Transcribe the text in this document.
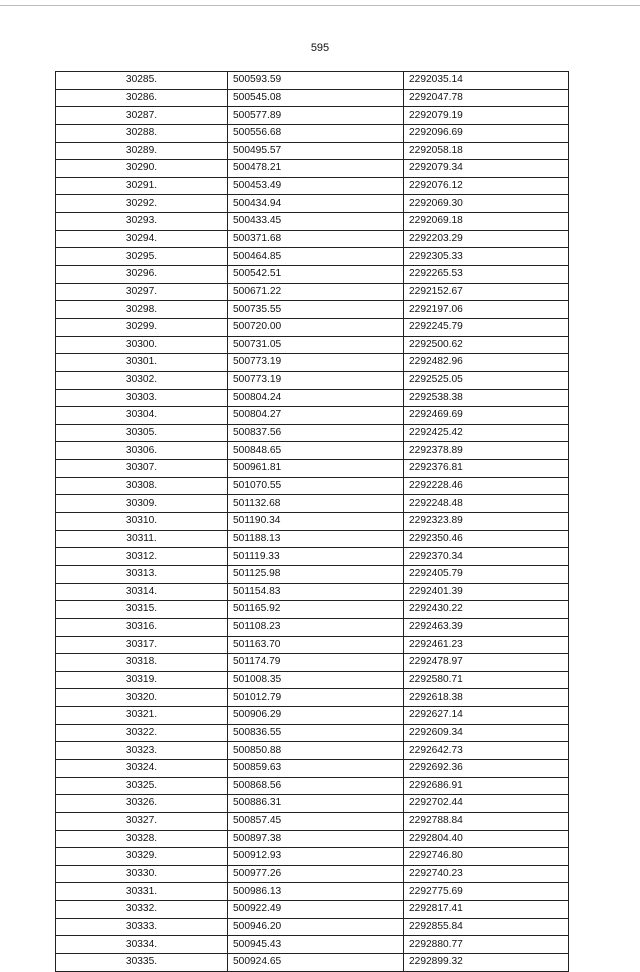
595
30285.	500593.59	2292035.14
30286.	500545.08	2292047.78
30287.	500577.89	2292079.19
30288.	500556.68	2292096.69
30289.	500495.57	2292058.18
30290.	500478.21	2292079.34
30291.	500453.49	2292076.12
30292.	500434.94	2292069.30
30293.	500433.45	2292069.18
30294.	500371.68	2292203.29
30295.	500464.85	2292305.33
30296.	500542.51	2292265.53
30297.	500671.22	2292152.67
30298.	500735.55	2292197.06
30299.	500720.00	2292245.79
30300.	500731.05	2292500.62
30301.	500773.19	2292482.96
30302.	500773.19	2292525.05
30303.	500804.24	2292538.38
30304.	500804.27	2292469.69
30305.	500837.56	2292425.42
30306.	500848.65	2292378.89
30307.	500961.81	2292376.81
30308.	501070.55	2292228.46
30309.	501132.68	2292248.48
30310.	501190.34	2292323.89
30311.	501188.13	2292350.46
30312.	501119.33	2292370.34
30313.	501125.98	2292405.79
30314.	501154.83	2292401.39
30315.	501165.92	2292430.22
30316.	501108.23	2292463.39
30317.	501163.70	2292461.23
30318.	501174.79	2292478.97
30319.	501008.35	2292580.71
30320.	501012.79	2292618.38
30321.	500906.29	2292627.14
30322.	500836.55	2292609.34
30323.	500850.88	2292642.73
30324.	500859.63	2292692.36
30325.	500868.56	2292686.91
30326.	500886.31	2292702.44
30327.	500857.45	2292788.84
30328.	500897.38	2292804.40
30329.	500912.93	2292746.80
30330.	500977.26	2292740.23
30331.	500986.13	2292775.69
30332.	500922.49	2292817.41
30333.	500946.20	2292855.84
30334.	500945.43	2292880.77
30335.	500924.65	2292899.32
